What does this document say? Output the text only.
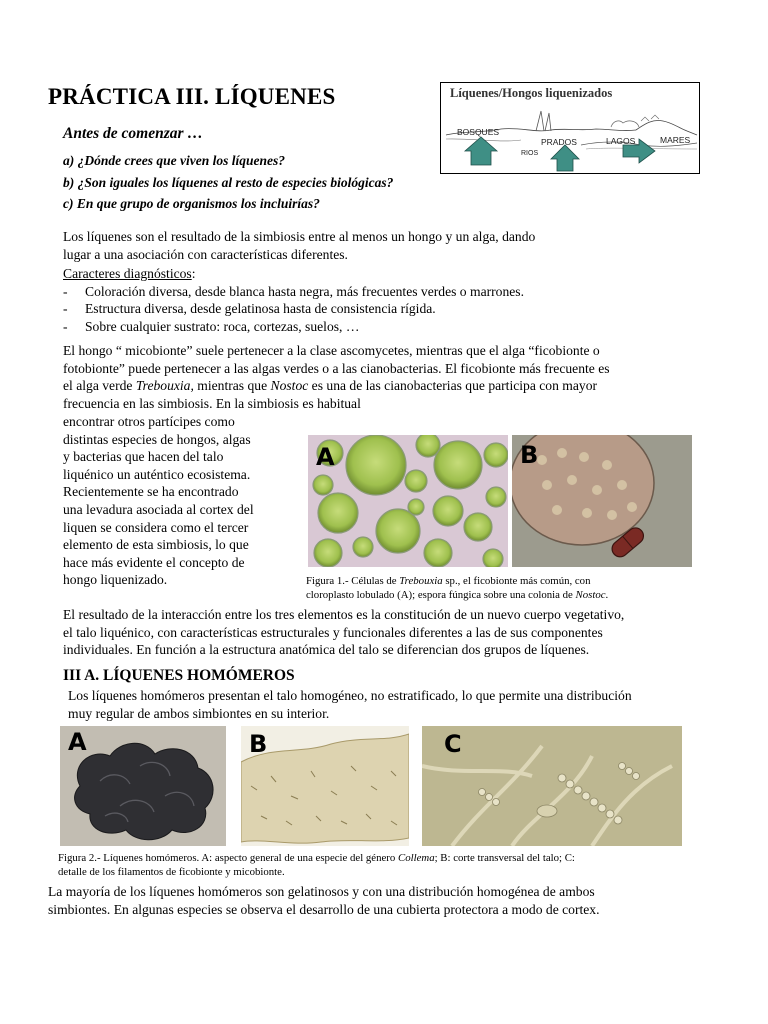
PRÁCTICA III. LÍQUENES	Líquenes/Hongos liquenizados
BOSQUES
PRADOS
RIOS
LAGOS	MARES
Antes de comenzar …
a) ¿Dónde crees que viven los líquenes?
b) ¿Son iguales los líquenes al resto de especies biológicas?
c) En que grupo de organismos los incluirías?
Los líquenes son el resultado de la simbiosis entre al menos un hongo y un alga, dando
lugar a una asociación con características diferentes.
Caracteres diagnósticos:
- Coloración diversa, desde blanca hasta negra, más frecuentes verdes o marrones.
- Estructura diversa, desde gelatinosa hasta de consistencia rígida.
- Sobre cualquier sustrato: roca, cortezas, suelos, …
El hongo “ micobionte” suele pertenecer a la clase ascomycetes, mientras que el alga “ficobionte o
fotobionte” puede pertenecer a las algas verdes o a las cianobacterias. El ficobionte más frecuente es
el alga verde Trebouxia, mientras que Nostoc es una de las cianobacterias que participa con mayor
frecuencia en las simbiosis. En la simbiosis es habitual
encontrar otros partícipes como
distintas especies de hongos, algas
y bacterias que hacen del talo
liquénico un auténtico ecosistema.
Recientemente se ha encontrado
una levadura asociada al cortex del
liquen se considera como el tercer
elemento de esta simbiosis, lo que
hace más evidente el concepto de
hongo liquenizado.
A	B
Figura 1.- Células de Trebouxia sp., el ficobionte más común, con
cloroplasto lobulado (A); espora fúngica sobre una colonia de Nostoc.
El resultado de la interacción entre los tres elementos es la constitución de un nuevo cuerpo vegetativo,
el talo liquénico, con características estructurales y funcionales diferentes a las de sus componentes
individuales. En función a la estructura anatómica del talo se diferencian dos grupos de líquenes.
III A. LÍQUENES HOMÓMEROS
Los líquenes homómeros presentan el talo homogéneo, no estratificado, lo que permite una distribución
muy regular de ambos simbiontes en su interior.
A	B	C
Figura 2.- Líquenes homómeros. A: aspecto general de una especie del género Collema; B: corte transversal del talo; C:
detalle de los filamentos de ficobionte y micobionte.
La mayoría de los líquenes homómeros son gelatinosos y con una distribución homogénea de ambos
simbiontes. En algunas especies se observa el desarrollo de una cubierta protectora a modo de cortex.
